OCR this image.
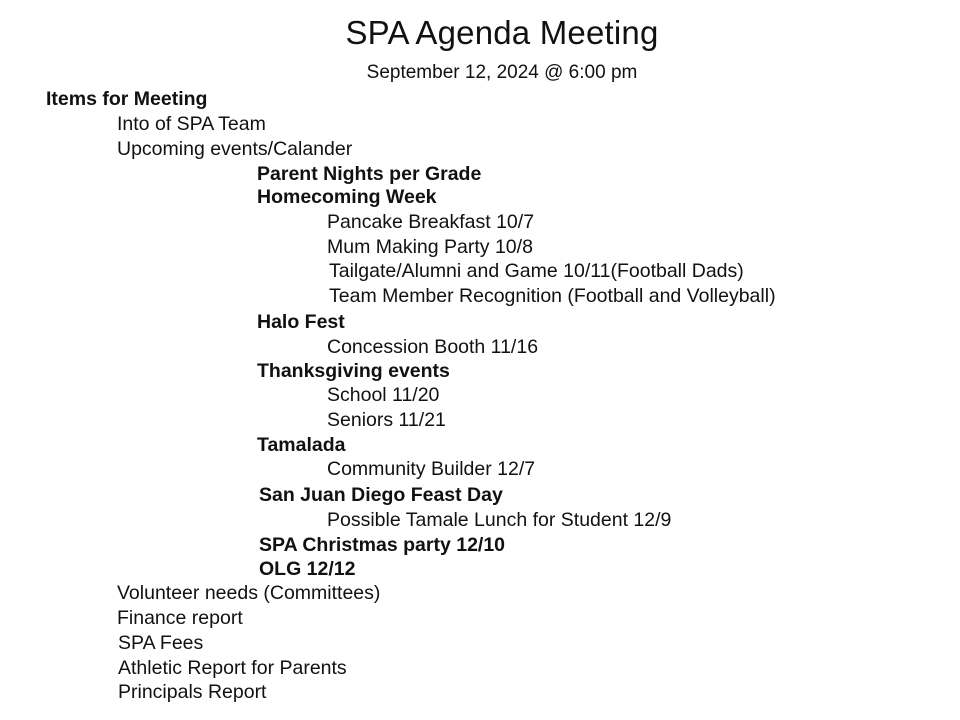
SPA Agenda Meeting
September 12, 2024 @ 6:00 pm
Items for Meeting
Into of SPA Team
Upcoming events/Calander
Parent Nights per Grade
Homecoming Week
Pancake Breakfast 10/7
Mum Making Party 10/8
Tailgate/Alumni and Game 10/11(Football Dads)
Team Member Recognition (Football and Volleyball)
Halo Fest
Concession Booth 11/16
Thanksgiving events
School 11/20
Seniors 11/21
Tamalada
Community Builder 12/7
San Juan Diego Feast Day
Possible Tamale Lunch for Student 12/9
SPA Christmas party 12/10
OLG 12/12
Volunteer needs (Committees)
Finance report
SPA Fees
Athletic Report for Parents
Principals Report
